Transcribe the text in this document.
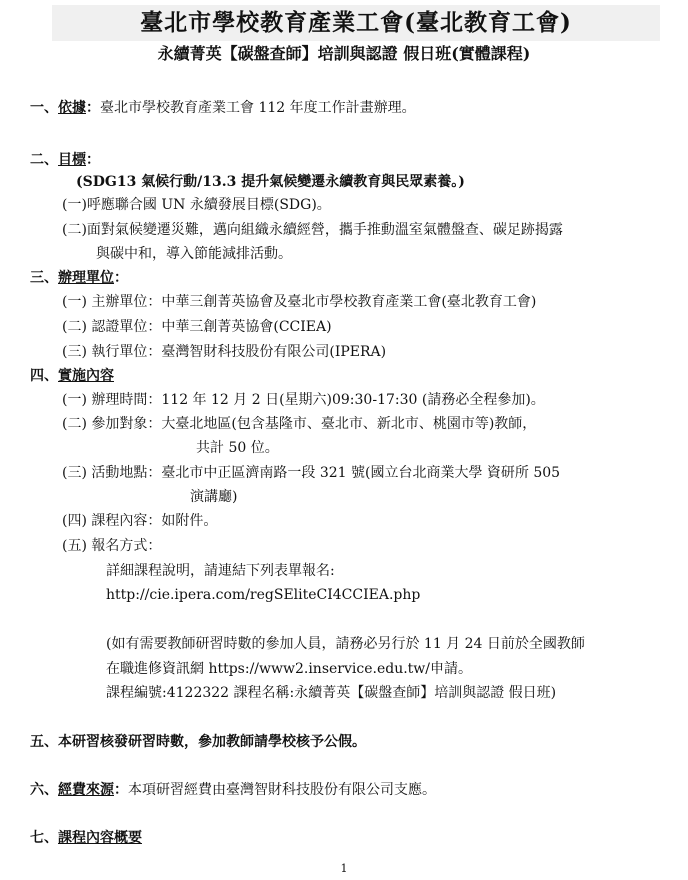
臺北市學校教育產業工會(臺北教育工會)
永續菁英【碳盤查師】培訓與認證 假日班(實體課程)
一、依據：臺北市學校教育產業工會 112 年度工作計畫辦理。
二、目標：
(SDG13 氣候行動/13.3 提升氣候變遷永續教育與民眾素養。)
(一)呼應聯合國 UN 永續發展目標(SDG)。
(二)面對氣候變遷災難，邁向組織永續經營，攜手推動溫室氣體盤查、碳足跡揭露
與碳中和，導入節能減排活動。
三、辦理單位：
(一) 主辦單位：中華三創菁英協會及臺北市學校教育產業工會(臺北教育工會)
(二) 認證單位：中華三創菁英協會(CCIEA)
(三) 執行單位：臺灣智財科技股份有限公司(IPERA)
四、實施內容
(一) 辦理時間：112 年 12 月 2 日(星期六)09:30-17:30 (請務必全程參加)。
(二) 參加對象：大臺北地區(包含基隆市、臺北市、新北市、桃園市等)教師，
共計 50 位。
(三) 活動地點：臺北市中正區濟南路一段 321 號(國立台北商業大學 資研所 505
演講廳)
(四) 課程內容：如附件。
(五) 報名方式：
詳細課程說明，請連結下列表單報名:
http://cie.ipera.com/regSEliteCI4CCIEA.php
(如有需要教師研習時數的參加人員，請務必另行於 11 月 24 日前於全國教師
在職進修資訊網 https://www2.inservice.edu.tw/申請。
課程編號:4122322 課程名稱:永續菁英【碳盤查師】培訓與認證 假日班)
五、本研習核發研習時數，參加教師請學校核予公假。
六、經費來源：本項研習經費由臺灣智財科技股份有限公司支應。
七、課程內容概要
1
